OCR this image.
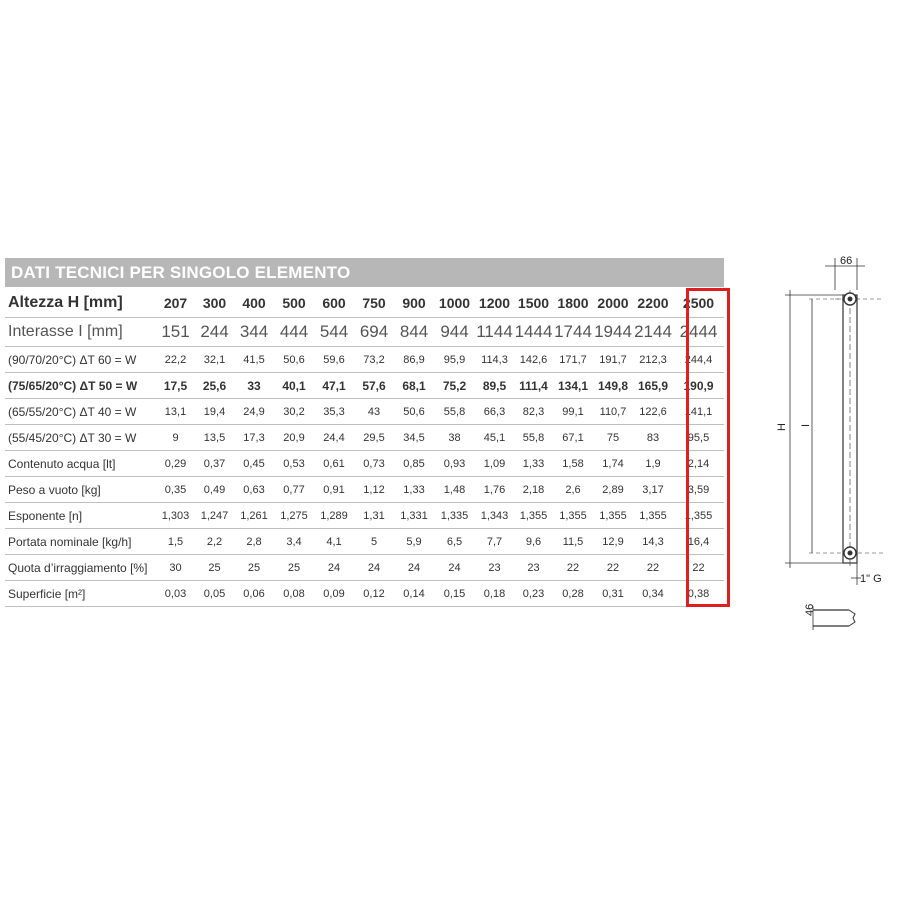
DATI TECNICI PER SINGOLO ELEMENTO
Altezza H [mm]	207	300	400	500	600	750	900	1000	1200	1500	1800	2000	2200	2500
Interasse I [mm]	151	244	344	444	544	694	844	944	1144	1444	1744	1944	2144	2444
(90/70/20°C) ΔT 60 = W	22,2	32,1	41,5	50,6	59,6	73,2	86,9	95,9	114,3	142,6	171,7	191,7	212,3	244,4
(75/65/20°C) ΔT 50 = W	17,5	25,6	33	40,1	47,1	57,6	68,1	75,2	89,5	111,4	134,1	149,8	165,9	190,9
(65/55/20°C) ΔT 40 = W	13,1	19,4	24,9	30,2	35,3	43	50,6	55,8	66,3	82,3	99,1	110,7	122,6	141,1
(55/45/20°C) ΔT 30 = W	9	13,5	17,3	20,9	24,4	29,5	34,5	38	45,1	55,8	67,1	75	83	95,5
Contenuto acqua [lt]	0,29	0,37	0,45	0,53	0,61	0,73	0,85	0,93	1,09	1,33	1,58	1,74	1,9	2,14
Peso a vuoto [kg]	0,35	0,49	0,63	0,77	0,91	1,12	1,33	1,48	1,76	2,18	2,6	2,89	3,17	3,59
Esponente [n]	1,303	1,247	1,261	1,275	1,289	1,31	1,331	1,335	1,343	1,355	1,355	1,355	1,355	1,355
Portata nominale [kg/h]	1,5	2,2	2,8	3,4	4,1	5	5,9	6,5	7,7	9,6	11,5	12,9	14,3	16,4
Quota d’irraggiamento [%]	30	25	25	25	24	24	24	24	23	23	22	22	22	22
Superficie [m²]	0,03	0,05	0,06	0,08	0,09	0,12	0,14	0,15	0,18	0,23	0,28	0,31	0,34	0,38
66
H I
1" G
46
